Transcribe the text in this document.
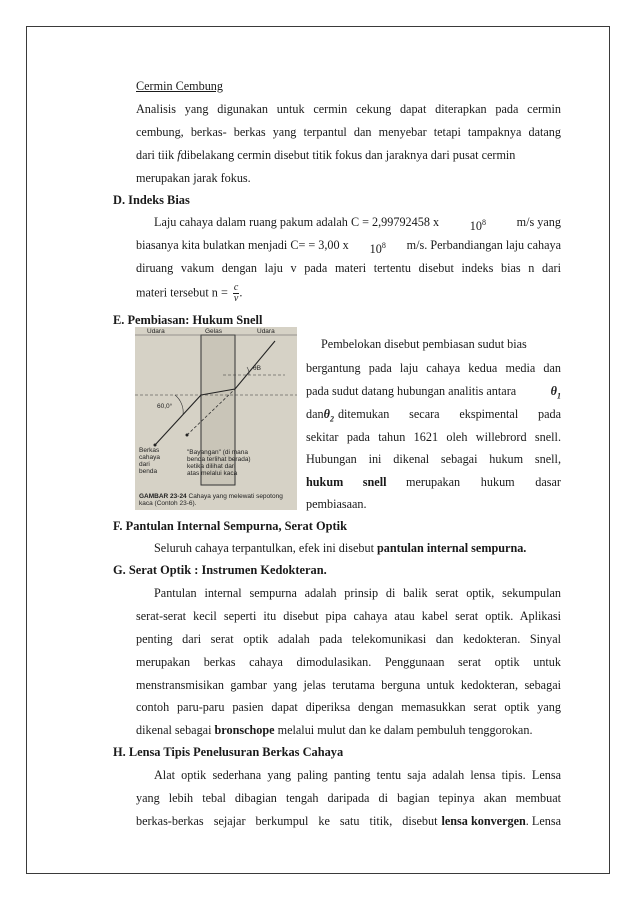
Cermin Cembung
Analisis yang digunakan untuk cermin cekung dapat diterapkan pada cermin
cembung, berkas- berkas yang terpantul dan menyebar tetapi tampaknya datang
dari tiik fdibelakang cermin disebut titik fokus dan jaraknya dari pusat cermin
merupakan jarak fokus.
D. Indeks Bias
Laju cahaya dalam ruang pakum adalah C = 2,99792458 x	$10^8$	m/s yang
biasanya kita bulatkan menjadi C= = 3,00 x $10^8$ m/s. Perbandiangan laju cahaya
diruang vakum dengan laju v pada materi tertentu disebut indeks bias n dari
materi tersebut $n = \frac{c}{v}$ .
E. Pembiasan: Hukum Snell
Udara	Gelas	Udara
60,0°
θB
Berkas
cahaya
dari
benda
"Bayangan" (di mana
benda terlihat berada)
ketika dilihat dari
atas melalui kaca
GAMBAR 23-24 Cahaya yang melewati sepotong kaca (Contoh 23-6).
Pembelokan disebut pembiasan sudut bias
bergantung pada laju cahaya kedua media dan
pada sudut datang hubungan analitis antara	$\theta_1$
dan $\theta_2$ ditemukan secara ekspimental pada
sekitar pada tahun 1621 oleh willebrord snell.
Hubungan ini dikenal sebagai hukum snell,
hukum snell merupakan hukum dasar
pembiasaan.
F. Pantulan Internal Sempurna, Serat Optik
Seluruh cahaya terpantulkan, efek ini disebut pantulan internal sempurna.
G. Serat Optik : Instrumen Kedokteran.
Pantulan internal sempurna adalah prinsip di balik serat optik, sekumpulan
serat-serat kecil seperti itu disebut pipa cahaya atau kabel serat optik. Aplikasi
penting dari serat optik adalah pada telekomunikasi dan kedokteran. Sinyal
merupakan berkas cahaya dimodulasikan. Penggunaan serat optik untuk
menstransmisikan gambar yang jelas terutama berguna untuk kedokteran, sebagai
contoh paru-paru pasien dapat diperiksa dengan memasukkan serat optik yang
dikenal sebagai bronschope melalui mulut dan ke dalam pembuluh tenggorokan.
H. Lensa Tipis Penelusuran Berkas Cahaya
Alat optik sederhana yang paling panting tentu saja adalah lensa tipis. Lensa
yang lebih tebal dibagian tengah daripada di bagian tepinya akan membuat
berkas-berkas sejajar berkumpul ke satu titik, disebut lensa konvergen . Lensa
